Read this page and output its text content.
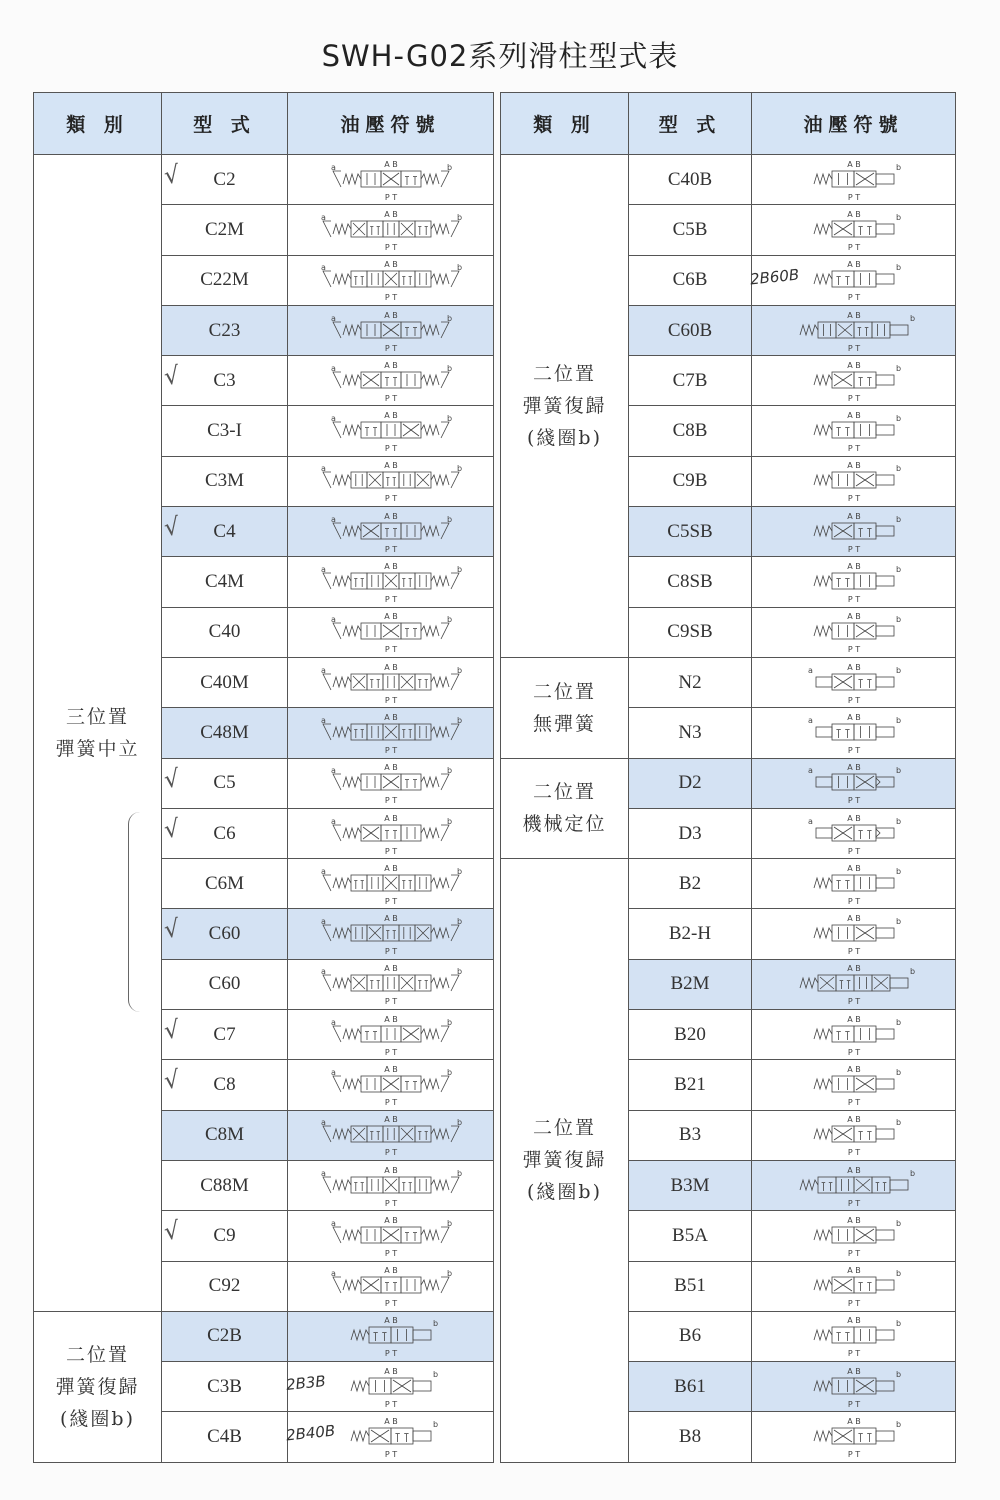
SWH-G02系列滑柱型式表
類 別	型 式	油壓符號
三位置
彈簧中立	√ C2	A B
P T
a b

	C2M	A B
P T
a b

	C22M	A B
P T
a b

	C23	A B
P T
a b

	√ C3	A B
P T
a b

	C3-I	A B
P T
a b

	C3M	A B
P T
a b

	√ C4	A B
P T
a b

	C4M	A B
P T
a b

	C40	A B
P T
a b

	C40M	A B
P T
a b

	C48M	A B
P T
a b

	√ C5	A B
P T
a b

	√ C6	A B
P T
a b

	C6M	A B
P T
a b

	√ C60	A B
P T
a b

	C60	A B
P T
a b

	√ C7	A B
P T
a b

	√ C8	A B
P T
a b

	C8M	A B
P T
a b

	C88M	A B
P T
a b

	√ C9	A B
P T
a b

	C92	A B
P T
a b

二位置
彈簧復歸
(綫圈b)	C2B	A B
P T
b

	C3B	2B3B
A B
P T
b

	C4B	2B40B
A B
P T
b
類 別	型 式	油壓符號
二位置
彈簧復歸
(綫圈b)	C40B	A B
P T
b

	C5B	A B
P T
b

	C6B	2B60B
A B
P T
b

	C60B	A B
P T
b

	C7B	A B
P T
b

	C8B	A B
P T
b

	C9B	A B
P T
b

	C5SB	A B
P T
b

	C8SB	A B
P T
b

	C9SB	A B
P T
b

二位置
無彈簧	N2	A B
P T
a b

	N3	A B
P T
a b

二位置
機械定位	D2	A B
P T
a b

	D3	A B
P T
a b

二位置
彈簧復歸
(綫圈b)	B2	A B
P T
b

	B2-H	A B
P T
b

	B2M	A B
P T
b

	B20	A B
P T
b

	B21	A B
P T
b

	B3	A B
P T
b

	B3M	A B
P T
b

	B5A	A B
P T
b

	B51	A B
P T
b

	B6	A B
P T
b

	B61	A B
P T
b

	B8	A B
P T
b
